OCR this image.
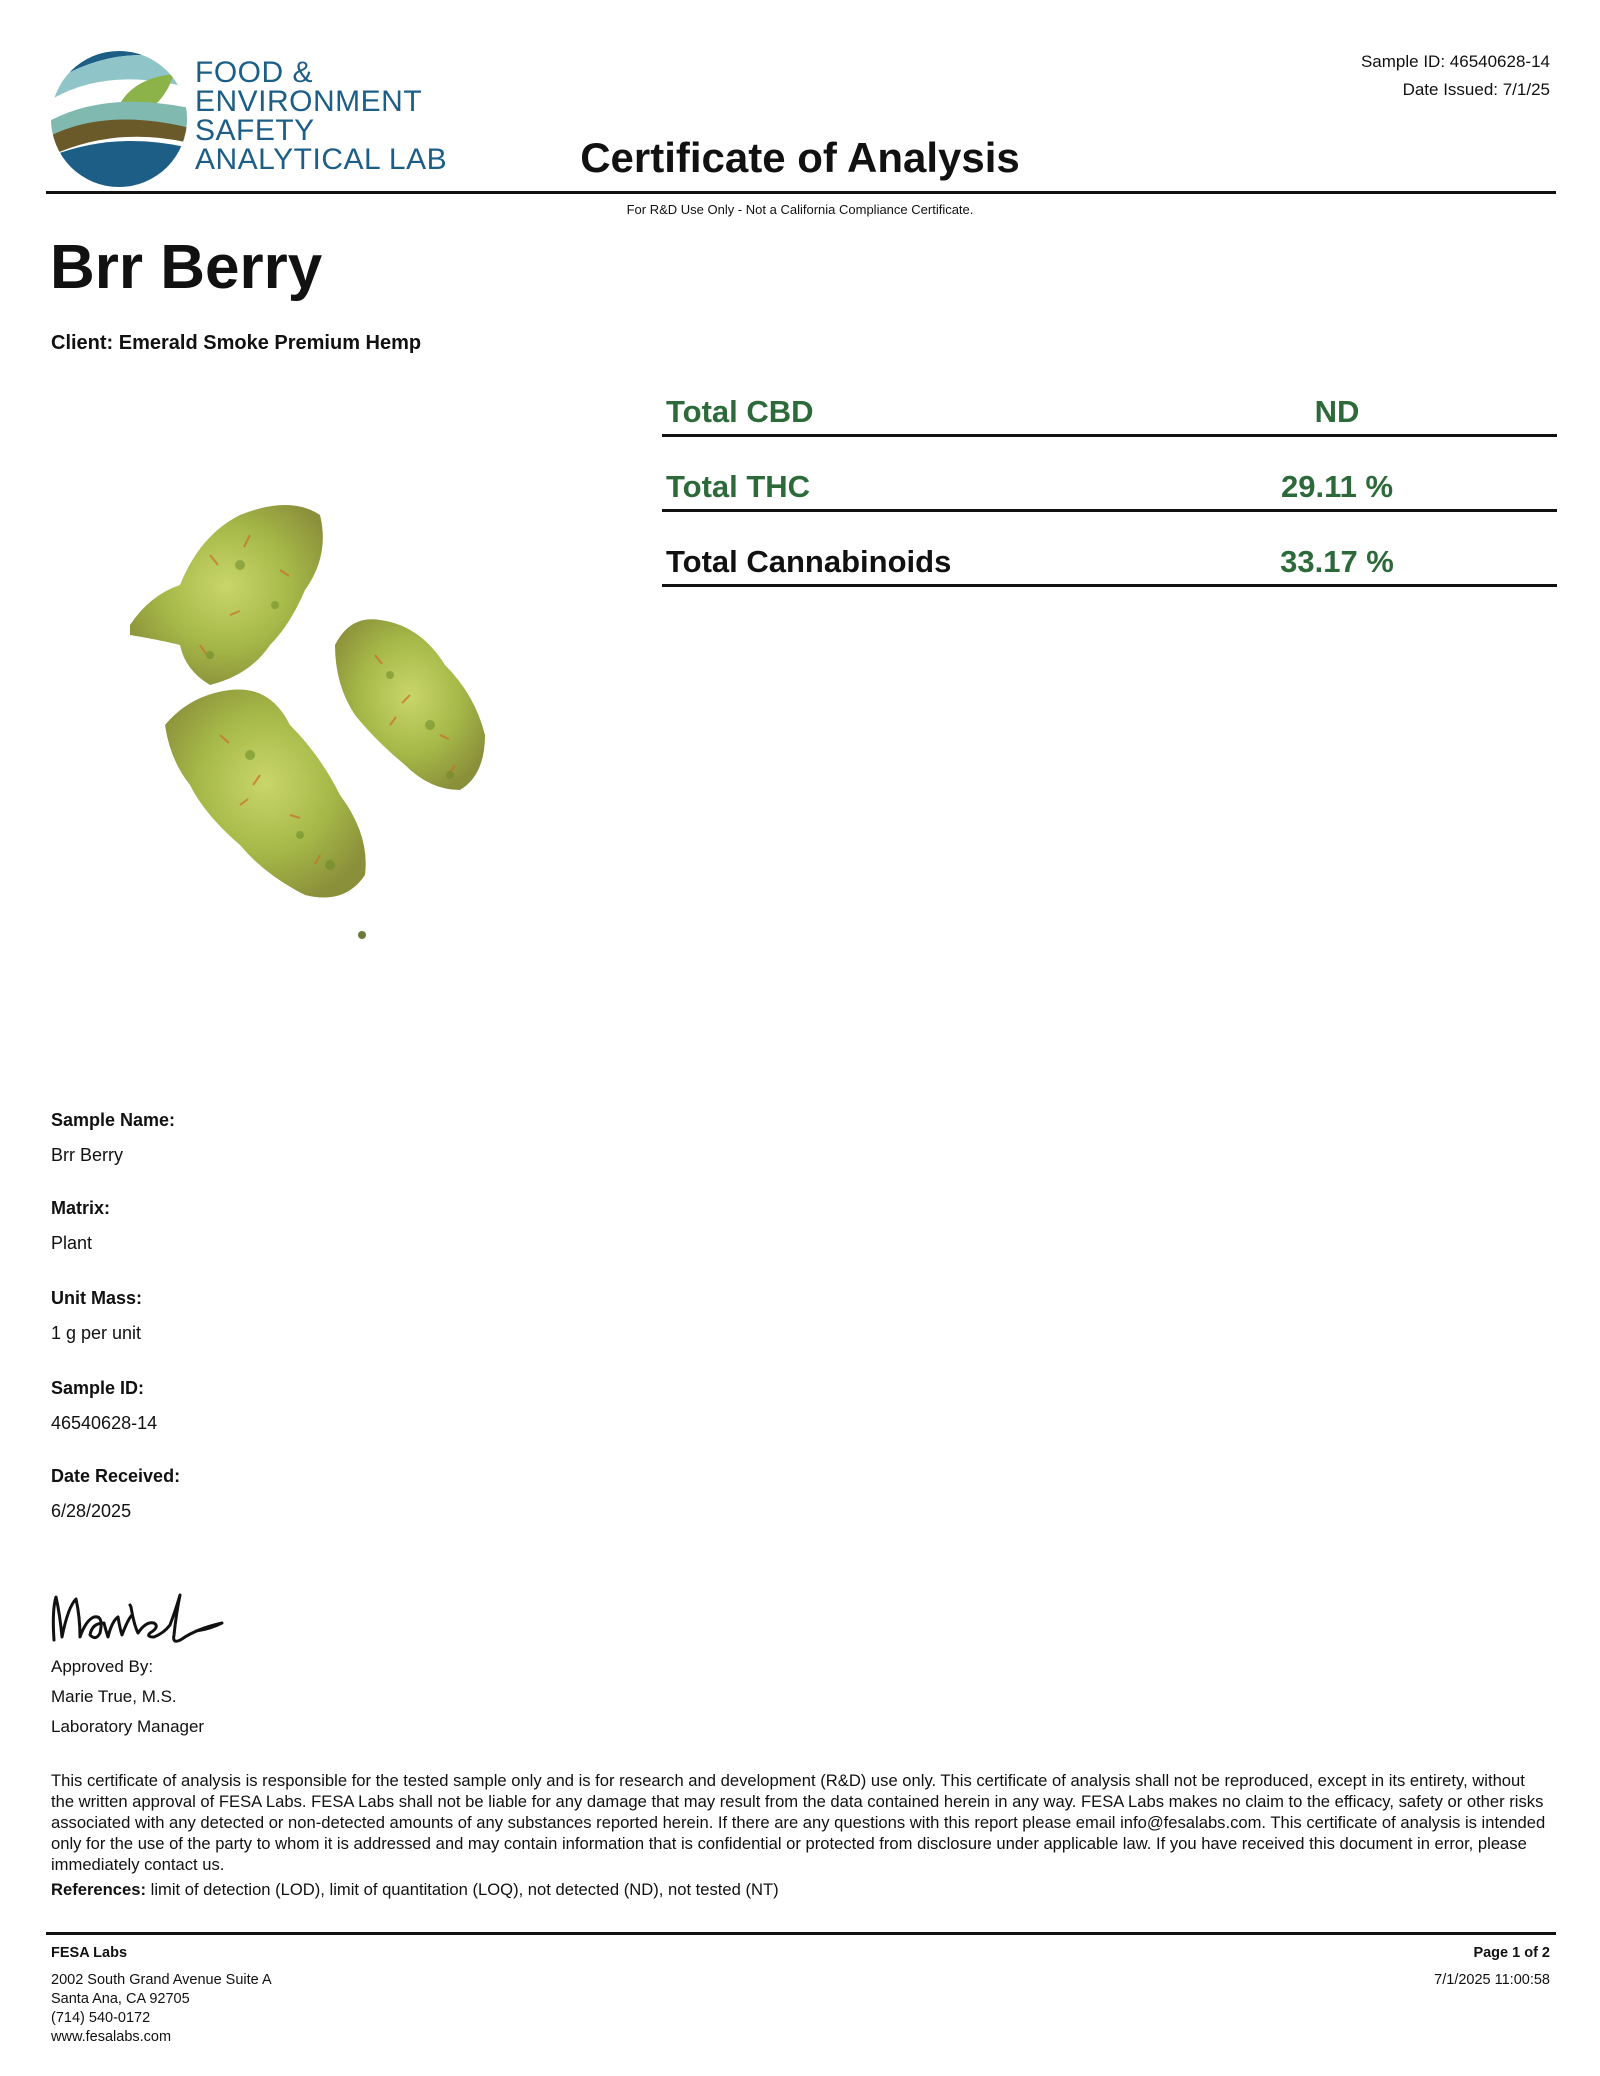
FOOD &
ENVIRONMENT
SAFETY
ANALYTICAL LAB
Sample ID: 46540628-14
Date Issued: 7/1/25
Certificate of Analysis
For R&D Use Only - Not a California Compliance Certificate.
Brr Berry
Client: Emerald Smoke Premium Hemp
Total CBD	ND
Total THC	29.11 %
Total Cannabinoids	33.17 %
Sample Name:
Brr Berry
Matrix:
Plant
Unit Mass:
1 g per unit
Sample ID:
46540628-14
Date Received:
6/28/2025
Approved By:
Marie True, M.S.
Laboratory Manager
This certificate of analysis is responsible for the tested sample only and is for research and development (R&D) use only. This certificate of analysis shall not be reproduced, except in its entirety, without the written approval of FESA Labs. FESA Labs shall not be liable for any damage that may result from the data contained herein in any way. FESA Labs makes no claim to the efficacy, safety or other risks associated with any detected or non-detected amounts of any substances reported herein. If there are any questions with this report please email info@fesalabs.com. This certificate of analysis is intended only for the use of the party to whom it is addressed and may contain information that is confidential or protected from disclosure under applicable law. If you have received this document in error, please immediately contact us.
References: limit of detection (LOD), limit of quantitation (LOQ), not detected (ND), not tested (NT)
FESA Labs
2002 South Grand Avenue Suite A
Santa Ana, CA 92705
(714) 540-0172
www.fesalabs.com
Page 1 of 2
7/1/2025 11:00:58
